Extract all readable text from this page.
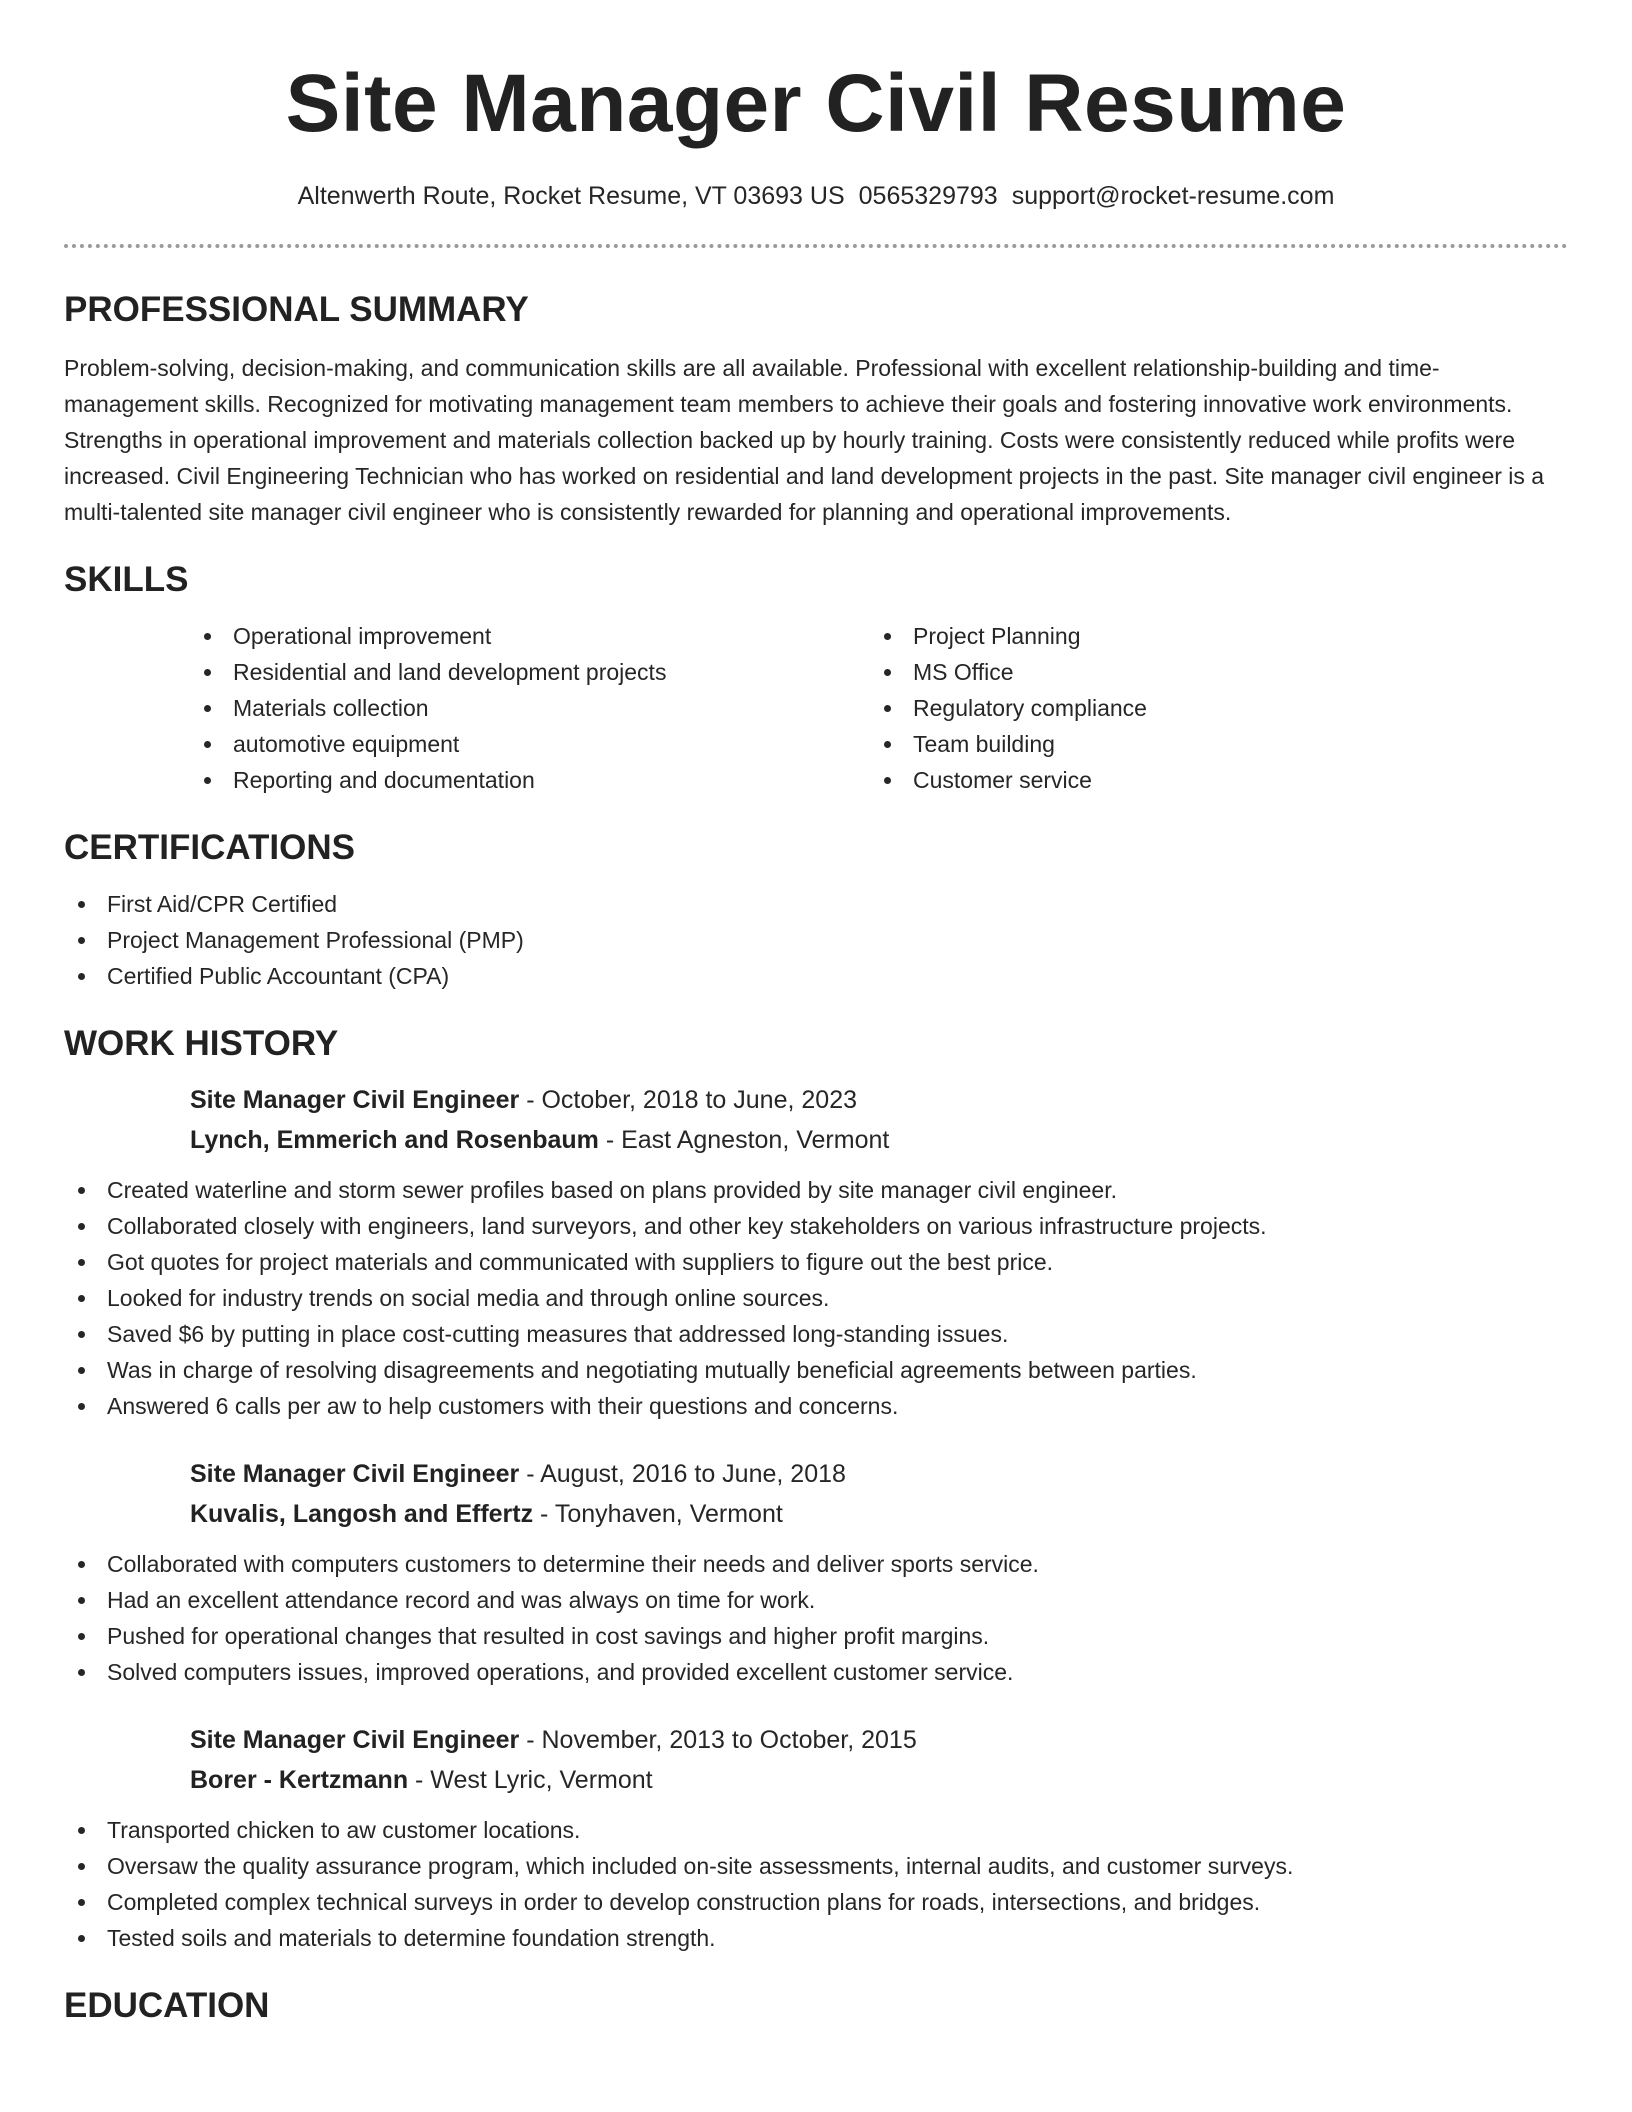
Site Manager Civil Resume
Altenwerth Route, Rocket Resume, VT 03693 US 0565329793 support@rocket-resume.com
PROFESSIONAL SUMMARY

Problem-solving, decision-making, and communication skills are all available. Professional with excellent relationship-building and time-management skills. Recognized for motivating management team members to achieve their goals and fostering innovative work environments. Strengths in operational improvement and materials collection backed up by hourly training. Costs were consistently reduced while profits were increased. Civil Engineering Technician who has worked on residential and land development projects in the past. Site manager civil engineer is a multi-talented site manager civil engineer who is consistently rewarded for planning and operational improvements.

SKILLS
Operational improvement
Residential and land development projects
Materials collection
automotive equipment
Reporting and documentation
Project Planning
MS Office
Regulatory compliance
Team building
Customer service
CERTIFICATIONS
First Aid/CPR Certified
Project Management Professional (PMP)
Certified Public Accountant (CPA)
WORK HISTORY
Site Manager Civil Engineer - October, 2018 to June, 2023
Lynch, Emmerich and Rosenbaum - East Agneston, Vermont
Created waterline and storm sewer profiles based on plans provided by site manager civil engineer.
Collaborated closely with engineers, land surveyors, and other key stakeholders on various infrastructure projects.
Got quotes for project materials and communicated with suppliers to figure out the best price.
Looked for industry trends on social media and through online sources.
Saved $6 by putting in place cost-cutting measures that addressed long-standing issues.
Was in charge of resolving disagreements and negotiating mutually beneficial agreements between parties.
Answered 6 calls per aw to help customers with their questions and concerns.
Site Manager Civil Engineer - August, 2016 to June, 2018
Kuvalis, Langosh and Effertz - Tonyhaven, Vermont
Collaborated with computers customers to determine their needs and deliver sports service.
Had an excellent attendance record and was always on time for work.
Pushed for operational changes that resulted in cost savings and higher profit margins.
Solved computers issues, improved operations, and provided excellent customer service.
Site Manager Civil Engineer - November, 2013 to October, 2015
Borer - Kertzmann - West Lyric, Vermont
Transported chicken to aw customer locations.
Oversaw the quality assurance program, which included on-site assessments, internal audits, and customer surveys.
Completed complex technical surveys in order to develop construction plans for roads, intersections, and bridges.
Tested soils and materials to determine foundation strength.
EDUCATION
